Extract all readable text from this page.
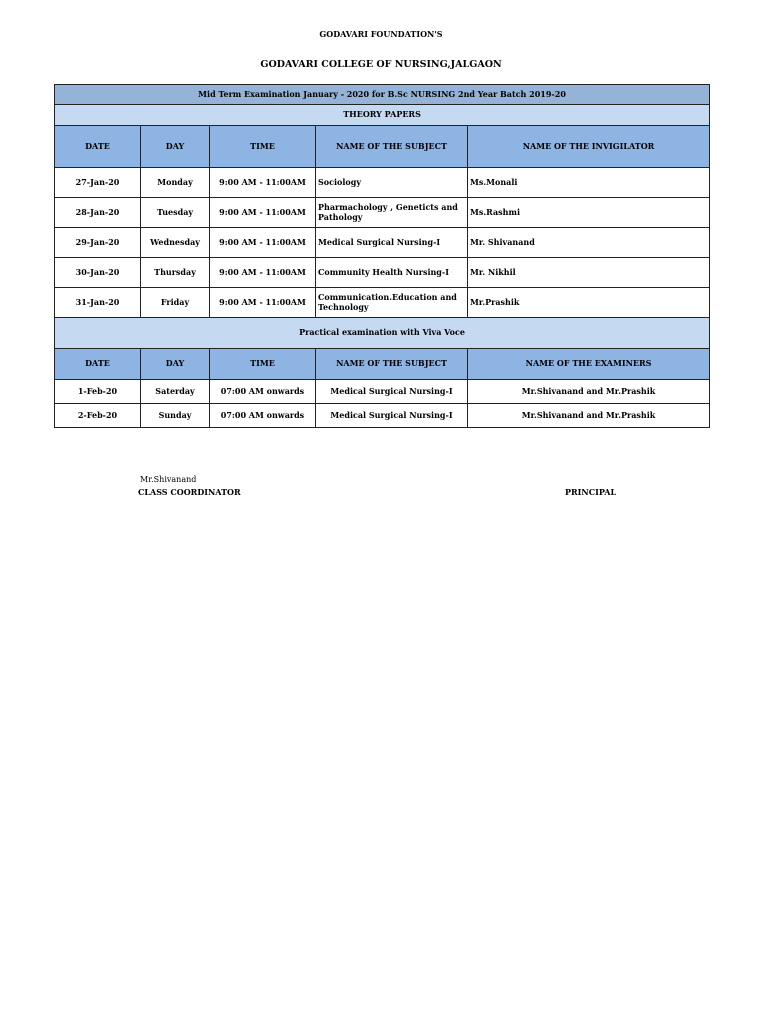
GODAVARI FOUNDATION'S
GODAVARI COLLEGE OF NURSING,JALGAON
Mid Term Examination January - 2020 for B.Sc NURSING 2nd Year Batch 2019-20				
THEORY PAPERS				
DATE	DAY	TIME	NAME OF THE SUBJECT	NAME OF THE INVIGILATOR
27-Jan-20	Monday	9:00 AM - 11:00AM	Sociology	Ms.Monali
28-Jan-20	Tuesday	9:00 AM - 11:00AM	Pharmachology , Geneticts and Pathology	Ms.Rashmi
29-Jan-20	Wednesday	9:00 AM - 11:00AM	Medical Surgical Nursing-I	Mr. Shivanand
30-Jan-20	Thursday	9:00 AM - 11:00AM	Community Health Nursing-I	Mr. Nikhil
31-Jan-20	Friday	9:00 AM - 11:00AM	Communication.Education and Technology	Mr.Prashik
Practical examination with Viva Voce				
DATE	DAY	TIME	NAME OF THE SUBJECT	NAME OF THE EXAMINERS
1-Feb-20	Saterday	07:00 AM onwards	Medical Surgical Nursing-I	Mr.Shivanand and Mr.Prashik
2-Feb-20	Sunday	07:00 AM onwards	Medical Surgical Nursing-I	Mr.Shivanand and Mr.Prashik
Mr.Shivanand
CLASS COORDINATOR	PRINCIPAL
